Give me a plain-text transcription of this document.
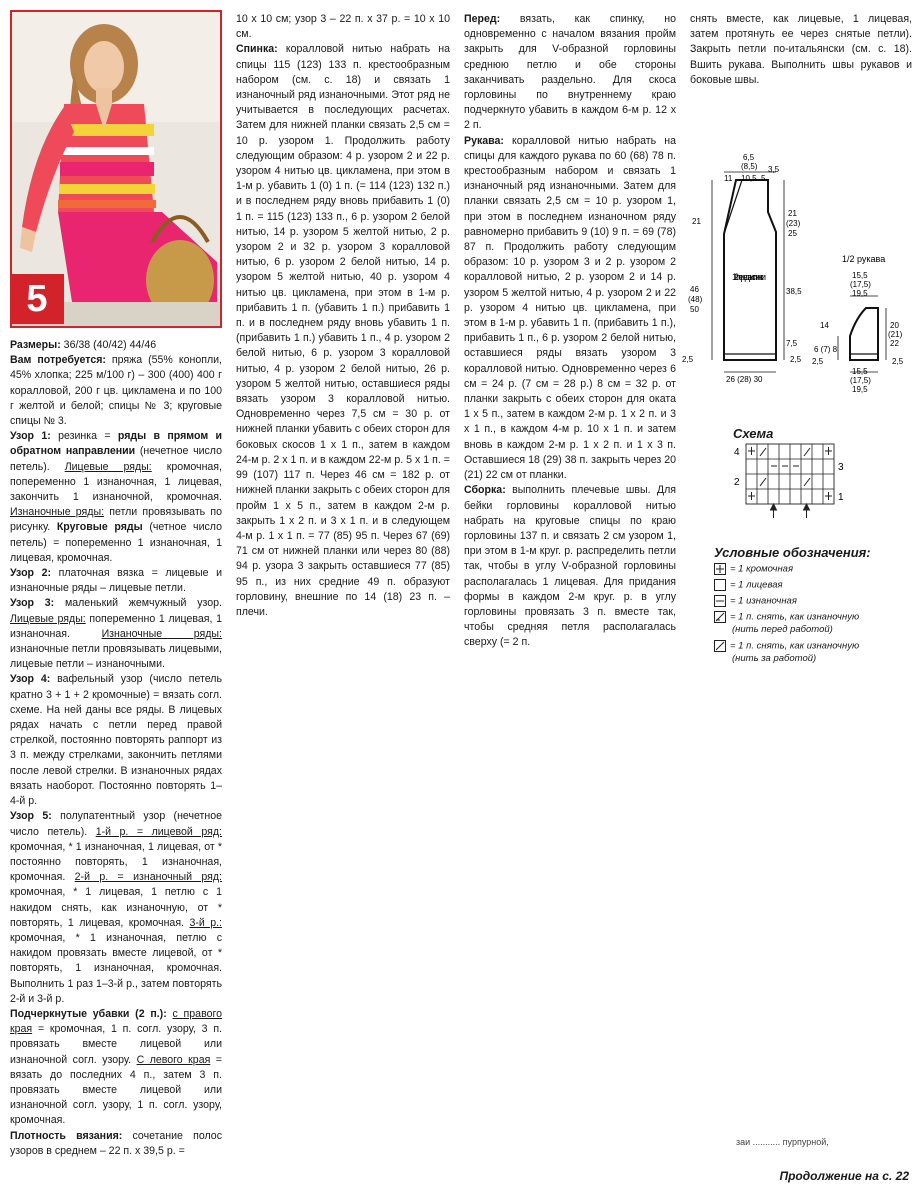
5

Размеры: 36/38 (40/42) 44/46

Вам потребуется: пряжа (55% конопли, 45% хлопка; 225 м/100 г) – 300 (400) 400 г коралловой, 200 г цв. цикламена и по 100 г желтой и белой; спицы № 3; круговые спицы № 3.

Узор 1: резинка = ряды в прямом и обратном направлении (нечетное число петель). Лицевые ряды: кромочная, попеременно 1 изнаночная, 1 лицевая, закончить 1 изнаночной, кромочная. Изнаночные ряды: петли провязывать по рисунку. Круговые ряды (четное число петель) = попеременно 1 изнаночная, 1 лицевая, кромочная.

Узор 2: платочная вязка = лицевые и изнаночные ряды – лицевые петли.

Узор 3: маленький жемчужный узор. Лицевые ряды: попеременно 1 лицевая, 1 изнаночная. Изнаночные ряды: изнаночные петли провязывать лицевыми, лицевые петли – изнаночными.

Узор 4: вафельный узор (число петель кратно 3 + 1 + 2 кромочные) = вязать согл. схеме. На ней даны все ряды. В лицевых рядах начать с петли перед правой стрелкой, постоянно повторять раппорт из 3 п. между стрелками, закончить петлями после левой стрелки. В изнаночных рядах вязать наоборот. Постоянно повторять 1–4-й р.

Узор 5: полупатентный узор (нечетное число петель). 1-й р. = лицевой ряд: кромочная, * 1 изнаночная, 1 лицевая, от * постоянно повторять, 1 изнаночная, кромочная. 2-й р. = изнаночный ряд: кромочная, * 1 лицевая, 1 петлю с 1 накидом снять, как изнаночную, от * повторять, 1 лицевая, кромочная. 3-й р.: кромочная, * 1 изнаночная, петлю с накидом провязать вместе лицевой, от * повторять, 1 изнаночная, кромочная. Выполнить 1 раз 1–3-й р., затем повторять 2-й и 3-й р.

Подчеркнутые убавки (2 п.): с правого края = кромочная, 1 п. согл. узору, 3 п. провязать вместе лицевой или изнаночной согл. узору. С левого края = вязать до последних 4 п., затем 3 п. провязать вместе лицевой или изнаночной согл. узору, 1 п. согл. узору, кромочная.

Плотность вязания: сочетание полос узоров в среднем – 22 п. х 39,5 р. =

10 х 10 см; узор 3 – 22 п. х 37 р. = 10 х 10 см.

Спинка: коралловой нитью набрать на спицы 115 (123) 133 п. крестообразным набором (см. с. 18) и связать 1 изнаночный ряд изнаночными. Этот ряд не учитывается в последующих расчетах. Затем для нижней планки связать 2,5 см = 10 р. узором 1. Продолжить работу следующим образом: 4 р. узором 2 и 22 р. узором 4 нитью цв. цикламена, при этом в 1-м р. убавить 1 (0) 1 п. (= 114 (123) 132 п.) и в последнем ряду вновь прибавить 1 (0) 1 п. = 115 (123) 133 п., 6 р. узором 2 белой нитью, 14 р. узором 5 желтой нитью, 2 р. узором 2 и 32 р. узором 3 коралловой нитью, 6 р. узором 2 белой нитью, 14 р. узором 5 желтой нитью, 40 р. узором 4 нитью цв. цикламена, при этом в 1-м р. прибавить 1 п. (убавить 1 п.) прибавить 1 п. и в последнем ряду вновь убавить 1 п. (прибавить 1 п.) убавить 1 п., 4 р. узором 2 белой нитью, 6 р. узором 3 коралловой нитью, 4 р. узором 2 белой нитью, 26 р. узором 5 желтой нитью, оставшиеся ряды вязать узором 3 коралловой нитью. Одновременно через 7,5 см = 30 р. от нижней планки убавить с обеих сторон для боковых скосов 1 х 1 п., затем в каждом 24-м р. 2 х 1 п. и в каждом 22-м р. 5 х 1 п. = 99 (107) 117 п. Через 46 см = 182 р. от нижней планки закрыть с обеих сторон для пройм 1 х 5 п., затем в каждом 2-м р. закрыть 1 х 2 п. и 3 х 1 п. и в следующем 4-м р. 1 х 1 п. = 77 (85) 95 п. Через 67 (69) 71 см от нижней планки или через 80 (88) 94 р. узора 3 закрыть оставшиеся 77 (85) 95 п., из них средние 49 п. образуют горловину, внешние по 14 (18) 23 п. – плечи.

Перед: вязать, как спинку, но одновременно с началом вязания пройм закрыть для V-образной горловины среднюю петлю и обе стороны заканчивать раздельно. Для скоса горловины по внутреннему краю подчеркнуто убавить в каждом 6-м р. 12 х 2 п.

Рукава: коралловой нитью набрать на спицы для каждого рукава по 60 (68) 78 п. крестообразным набором и связать 1 изнаночный ряд изнаночными. Затем для планки связать 2,5 см = 10 р. узором 1, при этом в последнем изнаночном ряду равномерно прибавить 9 (10) 9 п. = 69 (78) 87 п. Продолжить работу следующим образом: 10 р. узором 3 и 2 р. узором 2 коралловой нитью, 2 р. узором 2 и 14 р. узором 5 желтой нитью, 4 р. узором 2 и 22 р. узором 4 нитью цв. цикламена, при этом в 1-м р. убавить 1 п. (прибавить 1 п.), прибавить 1 п., 6 р. узором 2 белой нитью, оставшиеся ряды вязать узором 3 коралловой нитью. Одновременно через 6 см = 24 р. (7 см = 28 р.) 8 см = 32 р. от планки закрыть с обеих сторон для оката 1 х 5 п., затем в каждом 2-м р. 1 х 2 п. и 3 х 1 п., в каждом 4-м р. 10 х 1 п. и затем вновь в каждом 2-м р. 1 х 2 п. и 1 х 3 п. Оставшиеся 18 (29) 38 п. закрыть через 20 (21) 22 см от планки.

Сборка: выполнить плечевые швы. Для бейки горловины коралловой нитью набрать на круговые спицы по краю горловины 137 п. и связать 2 см узором 1, при этом в 1-м круг. р. распределить петли так, чтобы в углу V-образной горловины располагалась 1 лицевая. Для придания формы в каждом 2-м круг. р. в углу горловины провязать 3 п. вместе так, чтобы средняя петля располагалась сверху (= 2 п.

снять вместе, как лицевые, 1 лицевая, затем протянуть ее через снятые петли). Закрыть петли по-итальянски (см. с. 18). Вшить рукава. Выполнить швы рукавов и боковые швы.

6,5
(8,5)
11 10,5 5
3,5
21
21
(23)
25
1/2 переда и спинки
46
(48)
50
38,5
7,5
2,5	2,5
26 (28) 30
1/2 рукава
15,5
(17,5)
19,5
14
6 (7) 8
20
(21)
22
2,5	2,5
15,5
(17,5)
19,5
Схема
4
3
2
1
Условные обозначения:
= 1 кромочная
= 1 лицевая
= 1 изнаночная
= 1 п. снять, как изнаночную
(нить перед работой)
= 1 п. снять, как изнаночную
(нить за работой)
заи ........... пурпурной,
Продолжение на с. 22
